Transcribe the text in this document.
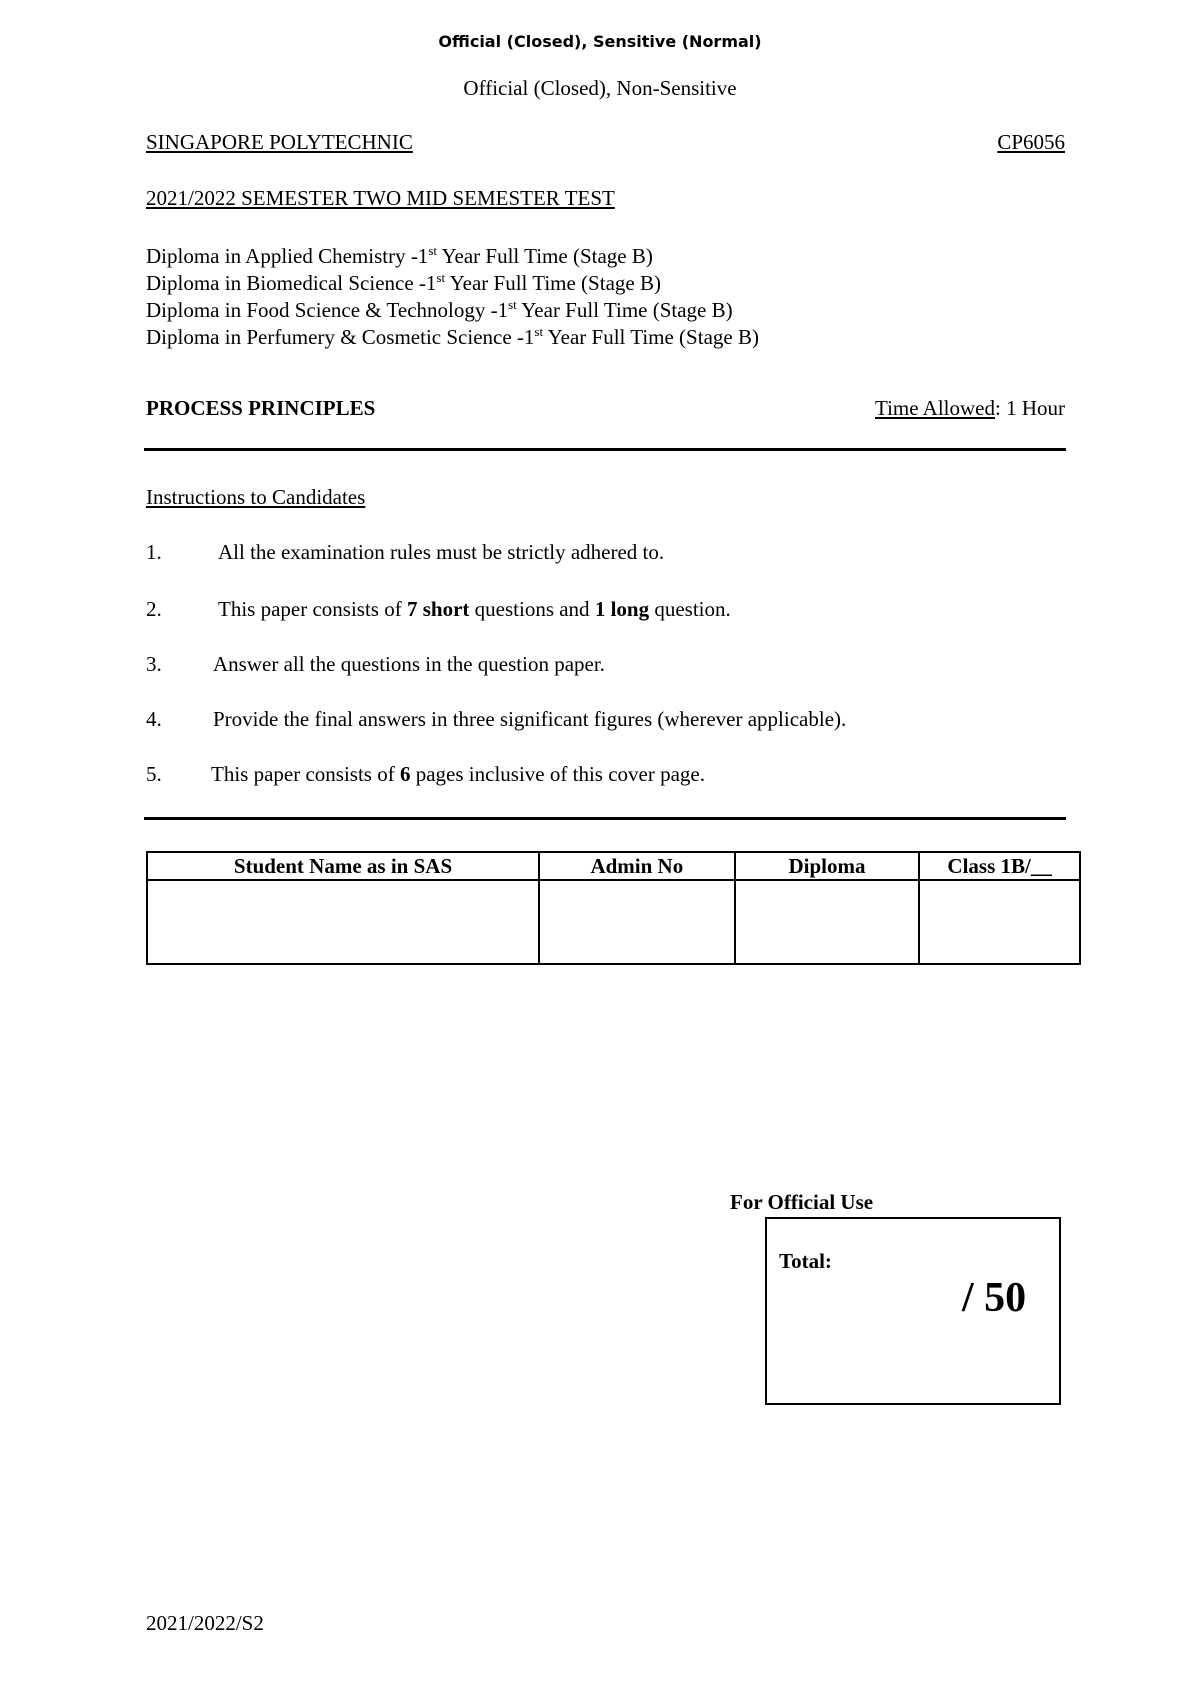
Official (Closed), Sensitive (Normal)
Official (Closed), Non-Sensitive
SINGAPORE POLYTECHNIC	CP6056
2021/2022 SEMESTER TWO MID SEMESTER TEST
Diploma in Applied Chemistry -1st Year Full Time (Stage B)
Diploma in Biomedical Science -1st Year Full Time (Stage B)
Diploma in Food Science & Technology -1st Year Full Time (Stage B)
Diploma in Perfumery & Cosmetic Science -1st Year Full Time (Stage B)
PROCESS PRINCIPLES	Time Allowed: 1 Hour
Instructions to Candidates
1.	All the examination rules must be strictly adhered to.
2.	This paper consists of 7 short questions and 1 long question.
3. Answer all the questions in the question paper.
4. Provide the final answers in three significant figures (wherever applicable).
5. This paper consists of 6 pages inclusive of this cover page.
Student Name as in SAS	Admin No	Diploma	Class 1B/__

For Official Use
Total:
/ 50
2021/2022/S2
